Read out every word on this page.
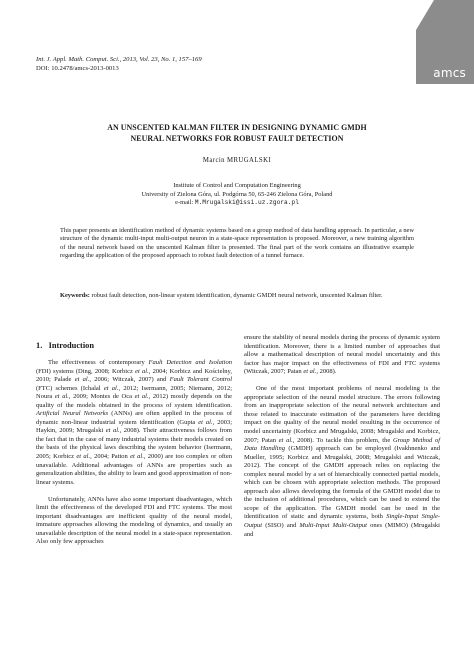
Int. J. Appl. Math. Comput. Sci., 2013, Vol. 23, No. 1, 157–169
DOI: 10.2478/amcs-2013-0013	amcs
AN UNSCENTED KALMAN FILTER IN DESIGNING DYNAMIC GMDH
NEURAL NETWORKS FOR ROBUST FAULT DETECTION
Marcin MRUGALSKI
Institute of Control and Computation Engineering
University of Zielona Góra, ul. Podgórna 50, 65-246 Zielona Góra, Poland
e-mail: M.Mrugalski@issi.uz.zgora.pl
This paper presents an identification method of dynamic systems based on a group method of data handling approach. In particular, a new structure of the dynamic multi-input multi-output neuron in a state-space representation is proposed. Moreover, a new training algorithm of the neural network based on the unscented Kalman filter is presented. The final part of the work contains an illustrative example regarding the application of the proposed approach to robust fault detection of a tunnel furnace.
Keywords: robust fault detection, non-linear system identification, dynamic GMDH neural network, unscented Kalman filter.
1. Introduction

The effectiveness of contemporary Fault Detection and Isolation (FDI) systems (Ding, 2008; Korbicz et al., 2004; Korbicz and Kościelny, 2010; Palade et al., 2006; Witczak, 2007) and Fault Tolerant Control (FTC) schemes (Ichalal et al., 2012; Isermann, 2005; Niemann, 2012; Noura et al., 2009; Montes de Oca et al., 2012) mostly depends on the quality of the models obtained in the process of system identification. Artificial Neural Networks (ANNs) are often applied in the process of dynamic non-linear industrial system identification (Gupta et al., 2003; Haykin, 2009; Mrugalski et al., 2008). Their attractiveness follows from the fact that in the case of many industrial systems their models created on the basis of the physical laws describing the system behavior (Isermann, 2005; Korbicz et al., 2004; Patton et al., 2000) are too complex or often unavailable. Additional advantages of ANNs are properties such as generalization abilities, the ability to learn and good approximation of non-linear systems.

Unfortunately, ANNs have also some important disadvantages, which limit the effectiveness of the developed FDI and FTC systems. The most important disadvantages are inefficient quality of the neural model, immature approaches allowing the modeling of dynamics, and usually an unavailable description of the neural model in a state-space representation. Also only few approaches

ensure the stability of neural models during the process of dynamic system identification. Moreover, there is a limited number of approaches that allow a mathematical description of neural model uncertainty and this factor has major impact on the effectiveness of FDI and FTC systems (Witczak, 2007; Patan et al., 2008).

One of the most important problems of neural modeling is the appropriate selection of the neural model structure. The errors following from an inappropriate selection of the neural network architecture and those related to inaccurate estimation of the parameters have deciding impact on the quality of the neural model resulting in the occurrence of model uncertainty (Korbicz and Mrugalski, 2008; Mrugalski and Korbicz, 2007; Patan et al., 2008). To tackle this problem, the Group Method of Data Handling (GMDH) approach can be employed (Ivakhnenko and Mueller, 1995; Korbicz and Mrugalski, 2008; Mrugalski and Witczak, 2012). The concept of the GMDH approach relies on replacing the complex neural model by a set of hierarchically connected partial models, which can be chosen with appropriate selection methods. The proposed approach also allows developing the formula of the GMDH model due to the inclusion of additional procedures, which can be used to extend the scope of the application. The GMDH model can be used in the identification of static and dynamic systems, both Single-Input Single-Output (SISO) and Multi-Input Multi-Output ones (MIMO) (Mrugalski and
